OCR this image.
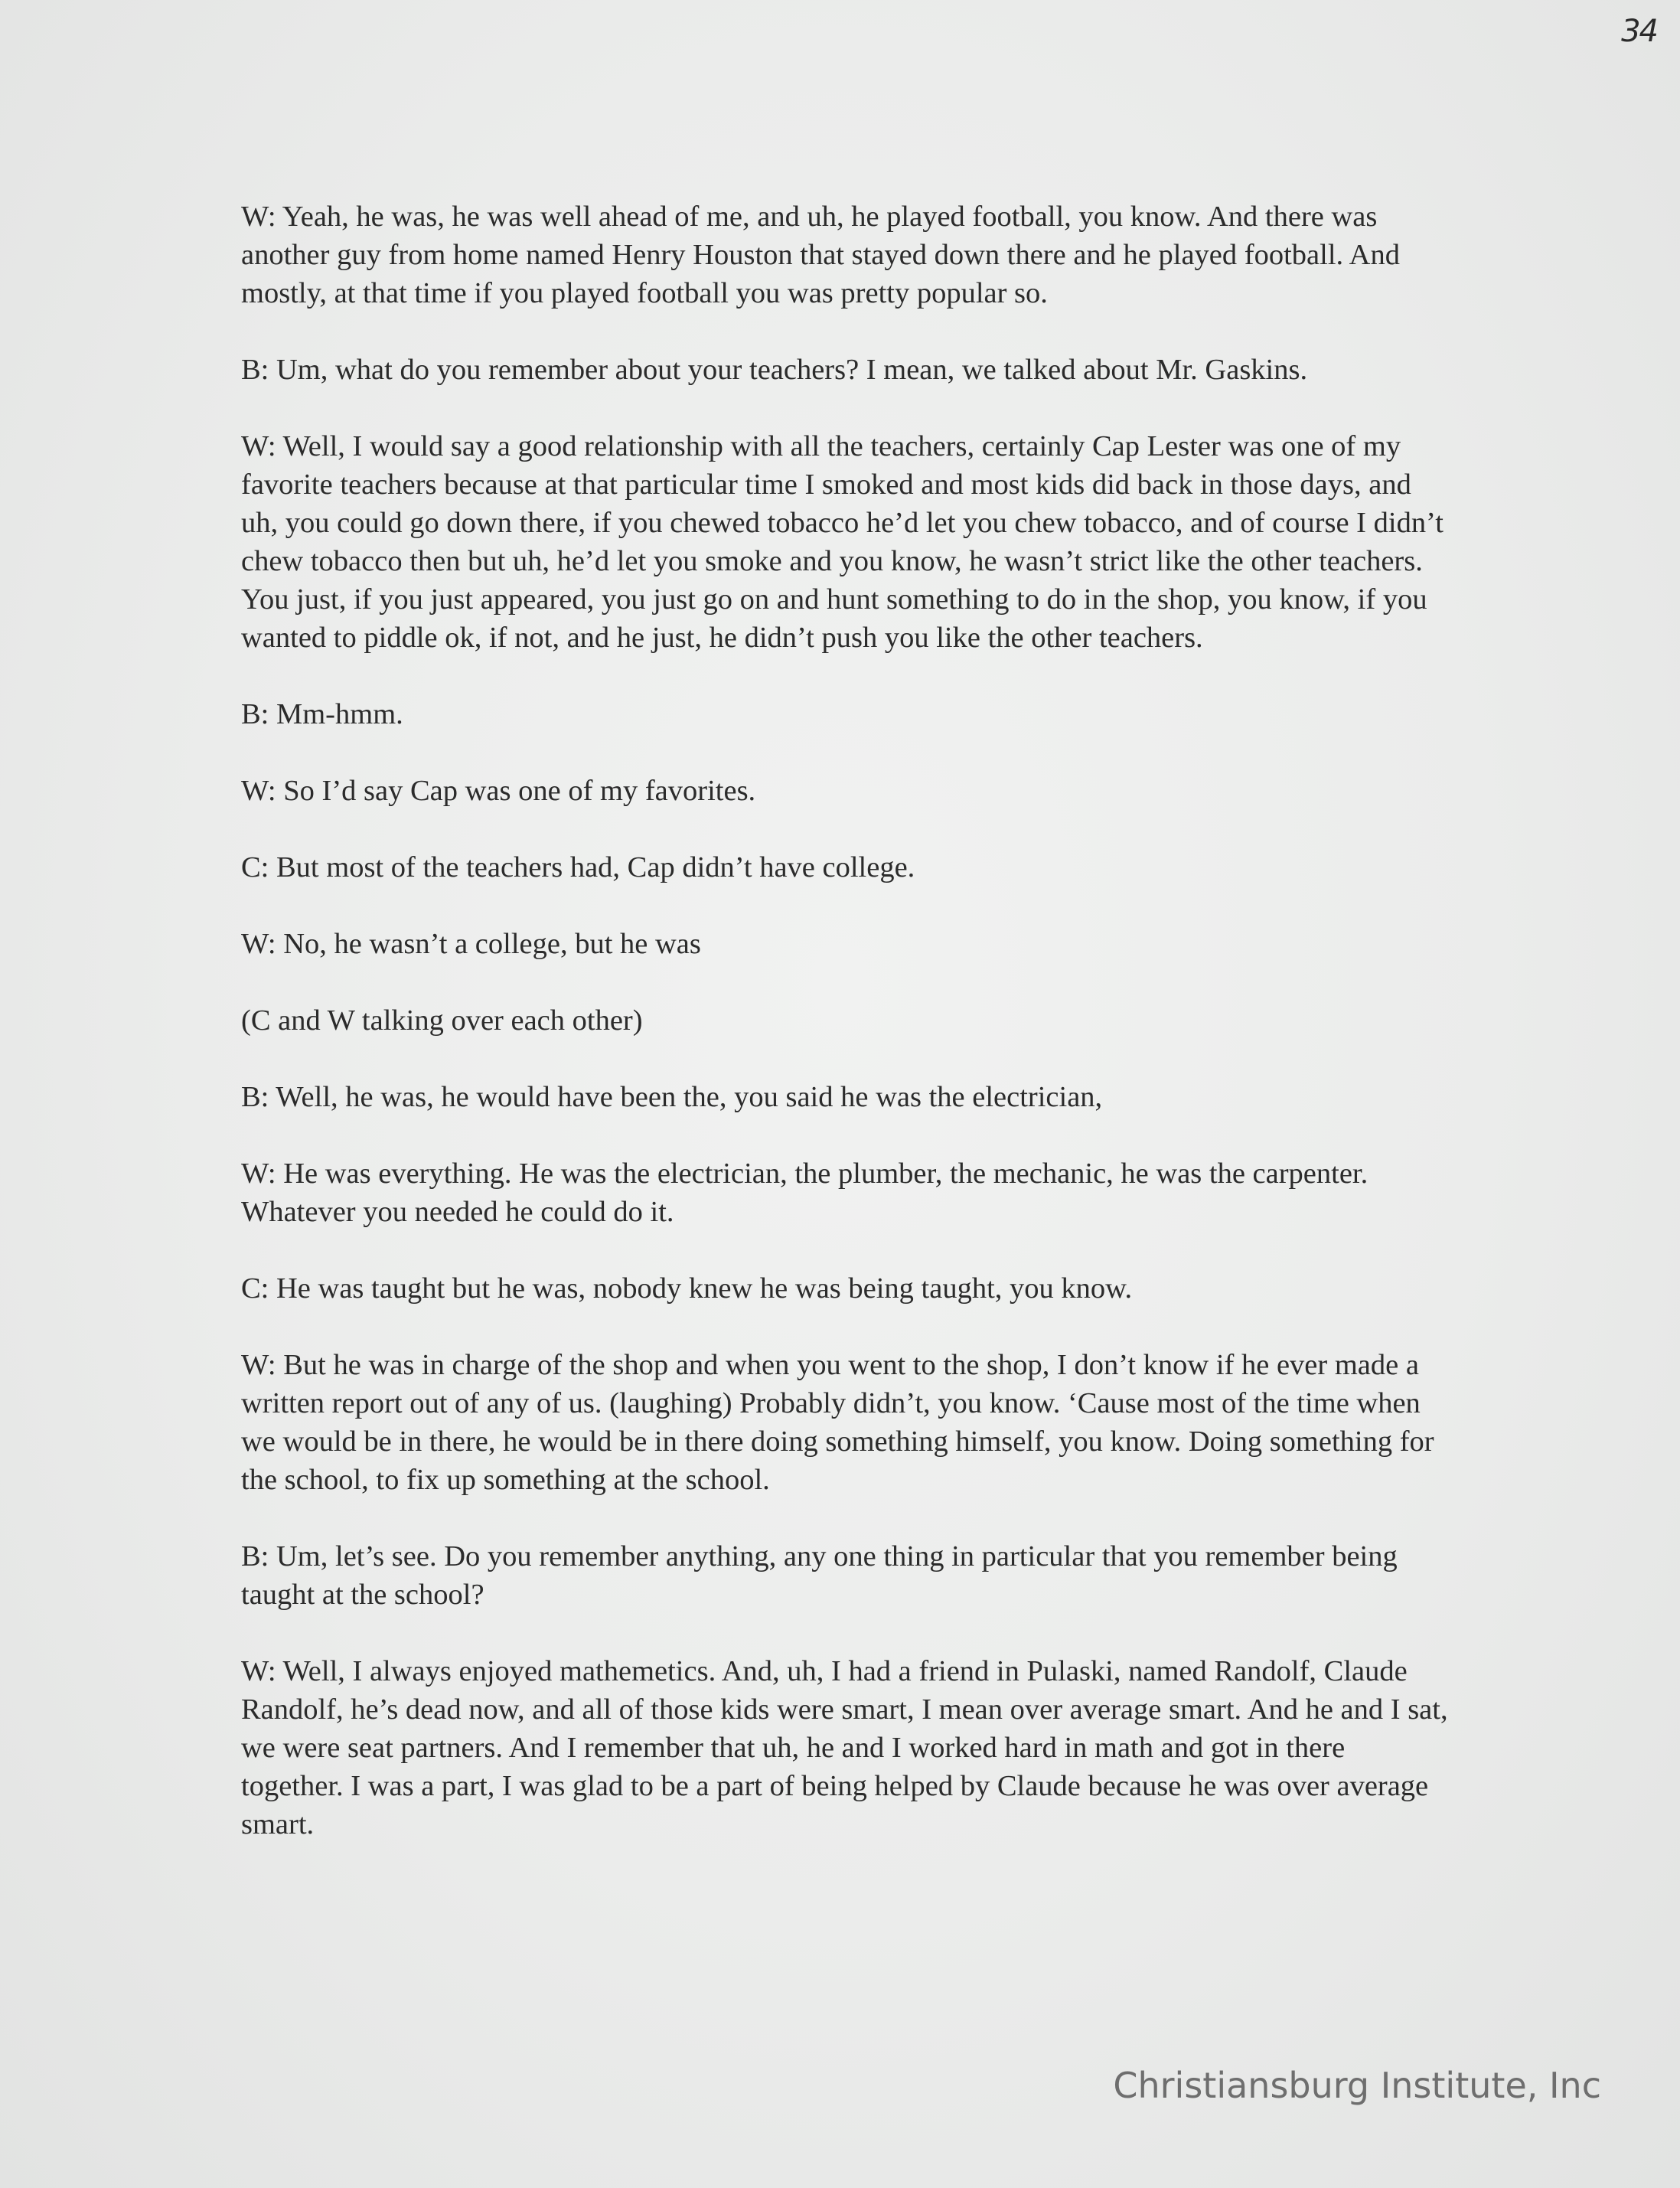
34

W: Yeah, he was, he was well ahead of me, and uh, he played football, you know. And there was another guy from home named Henry Houston that stayed down there and he played football. And mostly, at that time if you played football you was pretty popular so.

B: Um, what do you remember about your teachers? I mean, we talked about Mr. Gaskins.

W: Well, I would say a good relationship with all the teachers, certainly Cap Lester was one of my favorite teachers because at that particular time I smoked and most kids did back in those days, and uh, you could go down there, if you chewed tobacco he’d let you chew tobacco, and of course I didn’t chew tobacco then but uh, he’d let you smoke and you know, he wasn’t strict like the other teachers. You just, if you just appeared, you just go on and hunt something to do in the shop, you know, if you wanted to piddle ok, if not, and he just, he didn’t push you like the other teachers.

B: Mm-hmm.

W: So I’d say Cap was one of my favorites.

C: But most of the teachers had, Cap didn’t have college.

W: No, he wasn’t a college, but he was

(C and W talking over each other)

B: Well, he was, he would have been the, you said he was the electrician,

W: He was everything. He was the electrician, the plumber, the mechanic, he was the carpenter. Whatever you needed he could do it.

C: He was taught but he was, nobody knew he was being taught, you know.

W: But he was in charge of the shop and when you went to the shop, I don’t know if he ever made a written report out of any of us. (laughing) Probably didn’t, you know. ‘Cause most of the time when we would be in there, he would be in there doing something himself, you know. Doing something for the school, to fix up something at the school.

B: Um, let’s see. Do you remember anything, any one thing in particular that you remember being taught at the school?

W: Well, I always enjoyed mathemetics. And, uh, I had a friend in Pulaski, named Randolf, Claude Randolf, he’s dead now, and all of those kids were smart, I mean over average smart. And he and I sat, we were seat partners. And I remember that uh, he and I worked hard in math and got in there together. I was a part, I was glad to be a part of being helped by Claude because he was over average smart.

Christiansburg Institute, Inc
